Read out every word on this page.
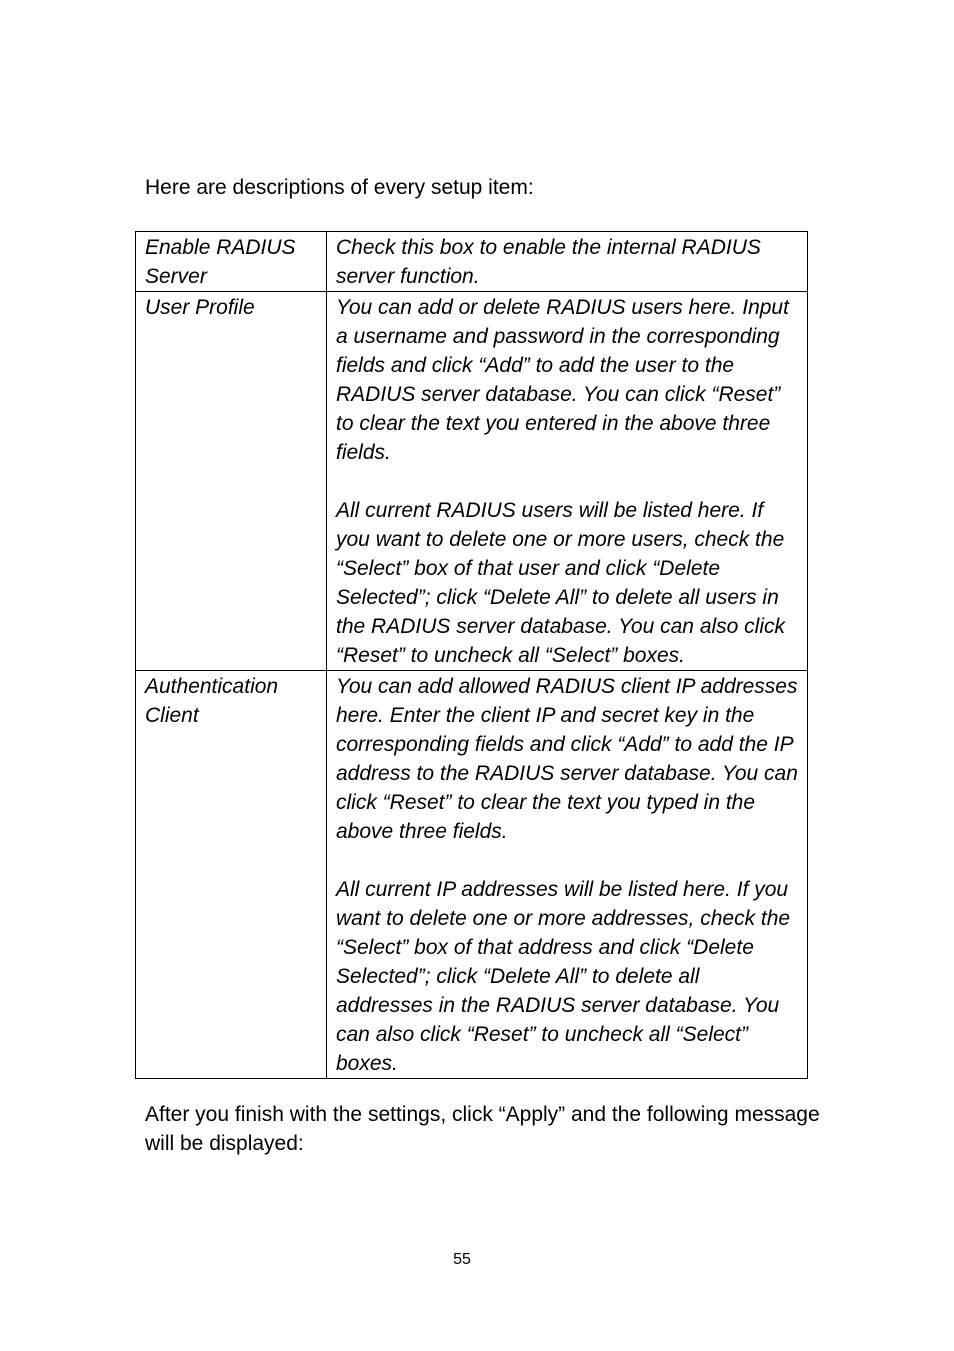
Here are descriptions of every setup item:

Enable RADIUS Server	Check this box to enable the internal RADIUS server function.

User Profile	You can add or delete RADIUS users here. Input a username and password in the corresponding fields and click “Add” to add the user to the RADIUS server database. You can click “Reset” to clear the text you entered in the above three fields.

All current RADIUS users will be listed here. If you want to delete one or more users, check the “Select” box of that user and click “Delete Selected”; click “Delete All” to delete all users in the RADIUS server database. You can also click “Reset” to uncheck all “Select” boxes.

Authentication Client	You can add allowed RADIUS client IP addresses here. Enter the client IP and secret key in the corresponding fields and click “Add” to add the IP address to the RADIUS server database. You can click “Reset” to clear the text you typed in the above three fields.

All current IP addresses will be listed here. If you want to delete one or more addresses, check the “Select” box of that address and click “Delete Selected”; click “Delete All” to delete all addresses in the RADIUS server database. You can also click “Reset” to uncheck all “Select” boxes.

After you finish with the settings, click “Apply” and the following message will be displayed:

55
